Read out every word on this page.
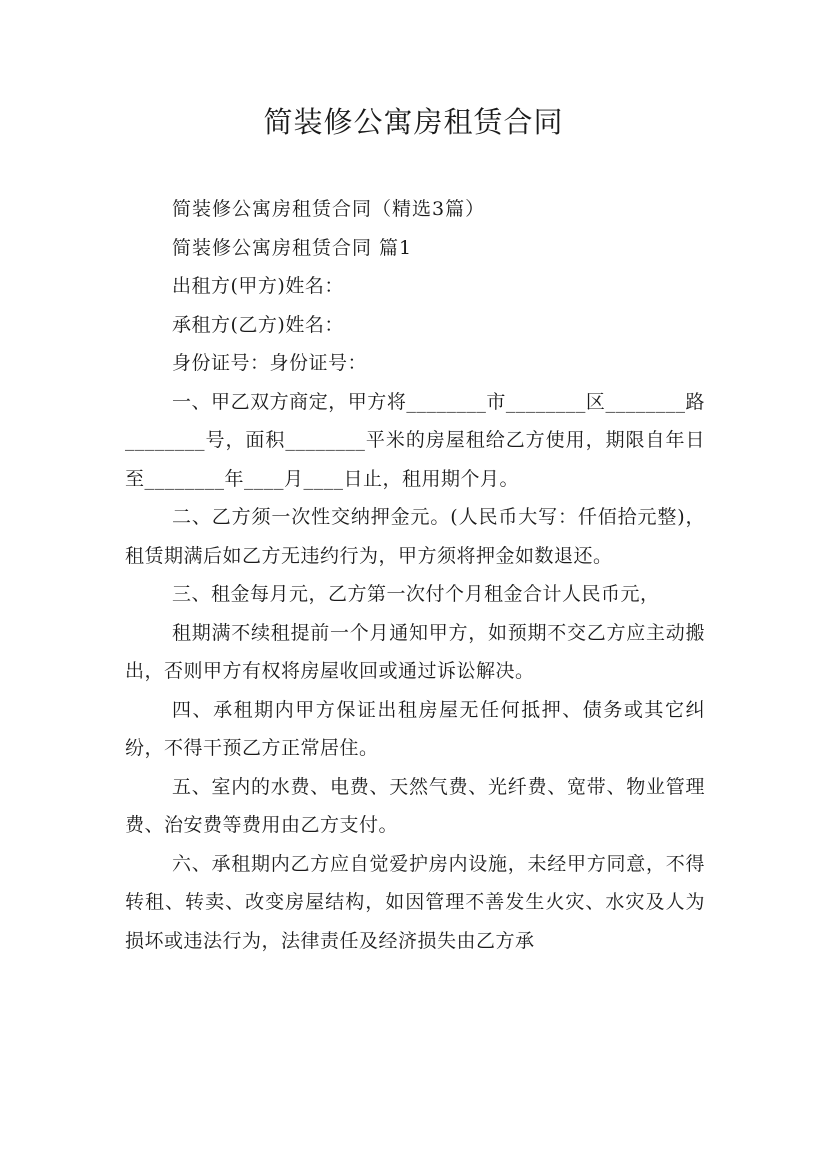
简装修公寓房租赁合同

简装修公寓房租赁合同（精选3篇）

简装修公寓房租赁合同 篇1

出租方(甲方)姓名：

承租方(乙方)姓名：

身份证号：身份证号：

一、甲乙双方商定，甲方将________市________区________路________号，面积________平米的房屋租给乙方使用，期限自年日至________年____月____日止，租用期个月。

二、乙方须一次性交纳押金元。(人民币大写：仟佰拾元整)，租赁期满后如乙方无违约行为，甲方须将押金如数退还。

三、租金每月元，乙方第一次付个月租金合计人民币元，

租期满不续租提前一个月通知甲方，如预期不交乙方应主动搬出，否则甲方有权将房屋收回或通过诉讼解决。

四、承租期内甲方保证出租房屋无任何抵押、债务或其它纠纷，不得干预乙方正常居住。

五、室内的水费、电费、天然气费、光纤费、宽带、物业管理费、治安费等费用由乙方支付。

六、承租期内乙方应自觉爱护房内设施，未经甲方同意，不得转租、转卖、改变房屋结构，如因管理不善发生火灾、水灾及人为损坏或违法行为，法律责任及经济损失由乙方承
